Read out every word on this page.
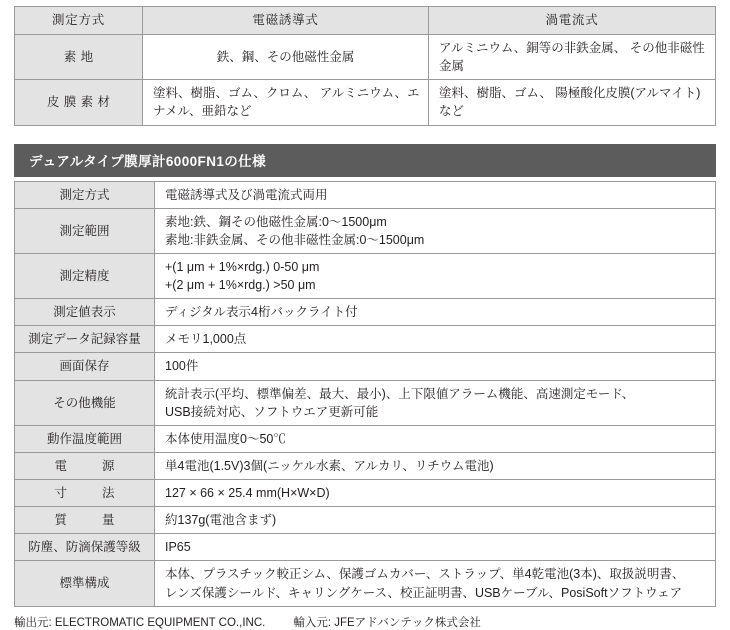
測定方式	電磁誘導式	渦電流式
素地	鉄、鋼、その他磁性金属	アルミニウム、銅等の非鉄金属、 その他非磁性金属
皮膜素材	塗料、樹脂、ゴム、クロム、 アルミニウム、エナメル、亜鉛など	塗料、樹脂、ゴム、 陽極酸化皮膜(アルマイト)など
デュアルタイプ膜厚計6000FN1の仕様
測定方式	電磁誘導式及び渦電流式両用

測定範囲	素地:鉄、鋼その他磁性金属:0〜1500μm
素地:非鉄金属、その他非磁性金属:0〜1500μm

測定精度	+(1 μm + 1%×rdg.) 0-50 μm
+(2 μm + 1%×rdg.) >50 μm

測定値表示	ディジタル表示4桁バックライト付

測定データ記録容量	メモリ1,000点

画面保存	100件

その他機能	統計表示(平均、標準偏差、最大、最小)、上下限値アラーム機能、高速測定モード、
USB接続対応、ソフトウエア更新可能

動作温度範囲	本体使用温度0〜50℃

電　源	単4電池(1.5V)3個(ニッケル水素、アルカリ、リチウム電池)

寸　法	127 × 66 × 25.4 mm(H×W×D)

質　量	約137g(電池含まず)

防塵、防滴保護等級	IP65

標準構成	本体、プラスチック較正シム、保護ゴムカバー、ストラップ、単4乾電池(3本)、取扱説明書、
レンズ保護シールド、キャリングケース、校正証明書、USBケーブル、PosiSoftソフトウェア
輸出元: ELECTROMATIC EQUIPMENT CO.,INC. 輸入元: JFEアドバンテック株式会社
